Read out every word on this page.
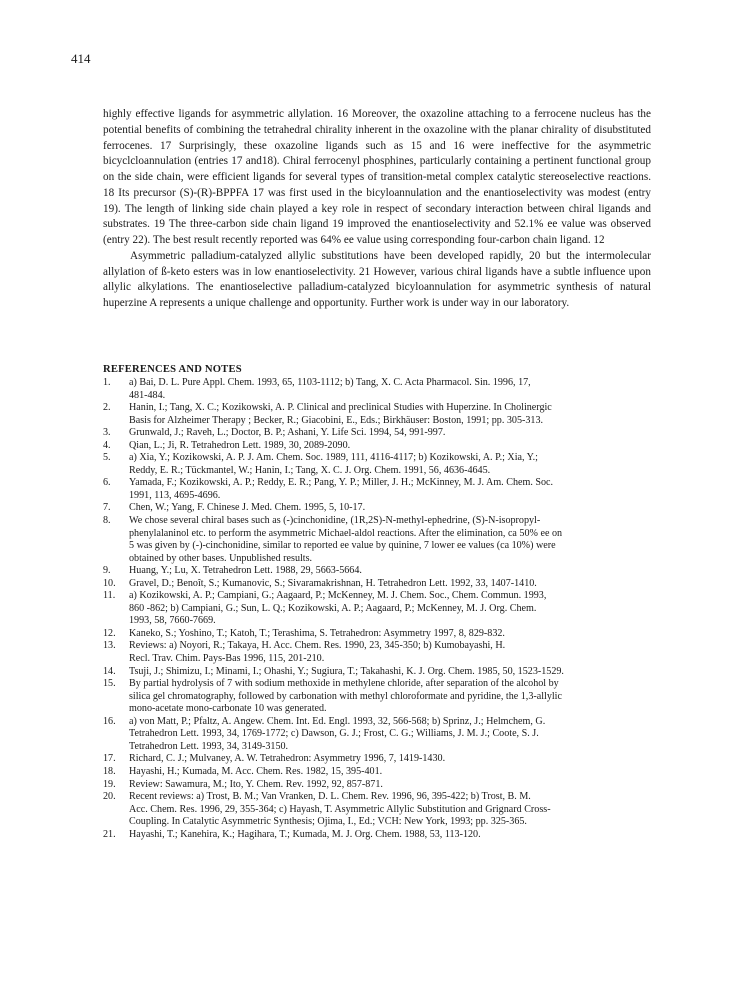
414

highly effective ligands for asymmetric allylation. 16 Moreover, the oxazoline attaching to a ferrocene nucleus has the potential benefits of combining the tetrahedral chirality inherent in the oxazoline with the planar chirality of disubstituted ferrocenes. 17 Surprisingly, these oxazoline ligands such as 15 and 16 were ineffective for the asymmetric bicyclcloannulation (entries 17 and18). Chiral ferrocenyl phosphines, particularly containing a pertinent functional group on the side chain, were efficient ligands for several types of transition-metal complex catalytic stereoselective reactions. 18 Its precursor (S)-(R)-BPPFA 17 was first used in the bicyloannulation and the enantioselectivity was modest (entry 19). The length of linking side chain played a key role in respect of secondary interaction between chiral ligands and substrates. 19 The three-carbon side chain ligand 19 improved the enantioselectivity and 52.1% ee value was observed (entry 22). The best result recently reported was 64% ee value using corresponding four-carbon chain ligand. 12

Asymmetric palladium-catalyzed allylic substitutions have been developed rapidly, 20 but the intermolecular allylation of ß-keto esters was in low enantioselectivity. 21 However, various chiral ligands have a subtle influence upon allylic alkylations. The enantioselective palladium-catalyzed bicyloannulation for asymmetric synthesis of natural huperzine A represents a unique challenge and opportunity. Further work is under way in our laboratory.

REFERENCES AND NOTES
1.	a) Bai, D. L. Pure Appl. Chem. 1993, 65, 1103-1112; b) Tang, X. C. Acta Pharmacol. Sin. 1996, 17,
481-484.
2.	Hanin, I.; Tang, X. C.; Kozikowski, A. P. Clinical and preclinical Studies with Huperzine. In Cholinergic
Basis for Alzheimer Therapy ; Becker, R.; Giacobini, E., Eds.; Birkhäuser: Boston, 1991; pp. 305-313.
3.	Grunwald, J.; Raveh, L.; Doctor, B. P.; Ashani, Y. Life Sci. 1994, 54, 991-997.
4.	Qian, L.; Ji, R. Tetrahedron Lett. 1989, 30, 2089-2090.
5.	a) Xia, Y.; Kozikowski, A. P. J. Am. Chem. Soc. 1989, 111, 4116-4117; b) Kozikowski, A. P.; Xia, Y.;
Reddy, E. R.; Tückmantel, W.; Hanin, I.; Tang, X. C. J. Org. Chem. 1991, 56, 4636-4645.
6.	Yamada, F.; Kozikowski, A. P.; Reddy, E. R.; Pang, Y. P.; Miller, J. H.; McKinney, M. J. Am. Chem. Soc.
1991, 113, 4695-4696.
7.	Chen, W.; Yang, F. Chinese J. Med. Chem. 1995, 5, 10-17.
8.	We chose several chiral bases such as (-)cinchonidine, (1R,2S)-N-methyl-ephedrine, (S)-N-isopropyl-
phenylalaninol etc. to perform the asymmetric Michael-aldol reactions. After the elimination, ca 50% ee on
5 was given by (-)-cinchonidine, similar to reported ee value by quinine, 7 lower ee values (ca 10%) were
obtained by other bases. Unpublished results.
9.	Huang, Y.; Lu, X. Tetrahedron Lett. 1988, 29, 5663-5664.
10.	Gravel, D.; Benoît, S.; Kumanovic, S.; Sivaramakrishnan, H. Tetrahedron Lett. 1992, 33, 1407-1410.
11.	a) Kozikowski, A. P.; Campiani, G.; Aagaard, P.; McKenney, M. J. Chem. Soc., Chem. Commun. 1993,
860 -862; b) Campiani, G.; Sun, L. Q.; Kozikowski, A. P.; Aagaard, P.; McKenney, M. J. Org. Chem.
1993, 58, 7660-7669.
12.	Kaneko, S.; Yoshino, T.; Katoh, T.; Terashima, S. Tetrahedron: Asymmetry 1997, 8, 829-832.
13.	Reviews: a) Noyori, R.; Takaya, H. Acc. Chem. Res. 1990, 23, 345-350; b) Kumobayashi, H.
Recl. Trav. Chim. Pays-Bas 1996, 115, 201-210.
14.	Tsuji, J.; Shimizu, I.; Minami, I.; Ohashi, Y.; Sugiura, T.; Takahashi, K. J. Org. Chem. 1985, 50, 1523-1529.
15.	By partial hydrolysis of 7 with sodium methoxide in methylene chloride, after separation of the alcohol by
silica gel chromatography, followed by carbonation with methyl chloroformate and pyridine, the 1,3-allylic
mono-acetate mono-carbonate 10 was generated.
16.	a) von Matt, P.; Pfaltz, A. Angew. Chem. Int. Ed. Engl. 1993, 32, 566-568; b) Sprinz, J.; Helmchem, G.
Tetrahedron Lett. 1993, 34, 1769-1772; c) Dawson, G. J.; Frost, C. G.; Williams, J. M. J.; Coote, S. J.
Tetrahedron Lett. 1993, 34, 3149-3150.
17.	Richard, C. J.; Mulvaney, A. W. Tetrahedron: Asymmetry 1996, 7, 1419-1430.
18.	Hayashi, H.; Kumada, M. Acc. Chem. Res. 1982, 15, 395-401.
19.	Review: Sawamura, M.; Ito, Y. Chem. Rev. 1992, 92, 857-871.
20.	Recent reviews: a) Trost, B. M.; Van Vranken, D. L. Chem. Rev. 1996, 96, 395-422; b) Trost, B. M.
Acc. Chem. Res. 1996, 29, 355-364; c) Hayash, T. Asymmetric Allylic Substitution and Grignard Cross-
Coupling. In Catalytic Asymmetric Synthesis; Ojima, I., Ed.; VCH: New York, 1993; pp. 325-365.
21.	Hayashi, T.; Kanehira, K.; Hagihara, T.; Kumada, M. J. Org. Chem. 1988, 53, 113-120.
